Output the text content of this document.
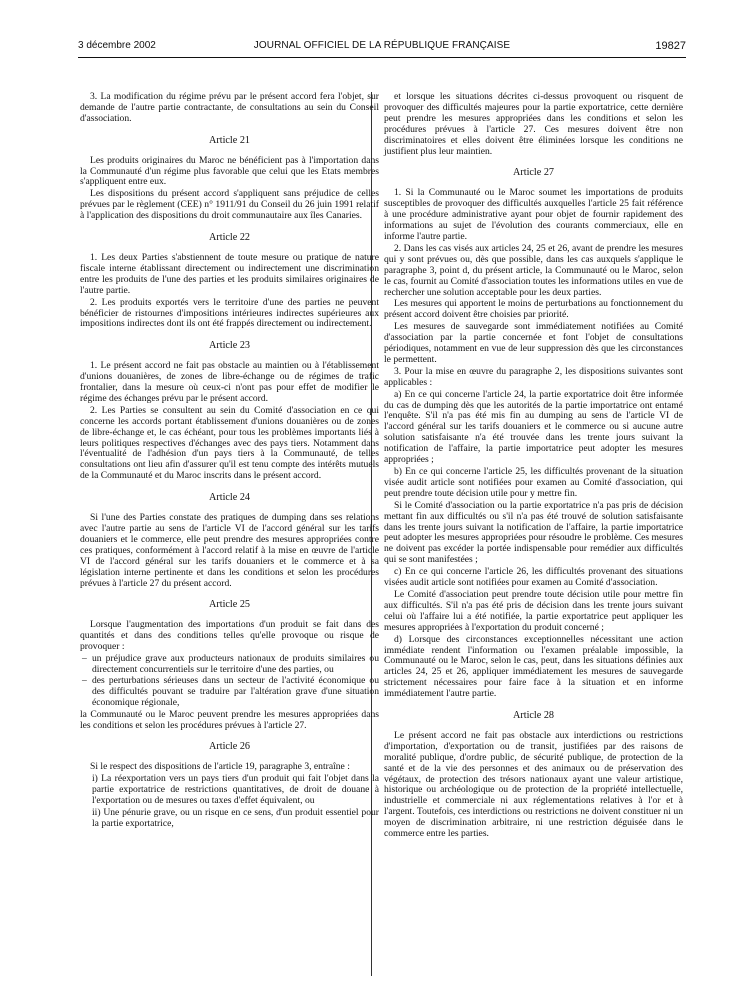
3 décembre 2002	JOURNAL OFFICIEL DE LA RÉPUBLIQUE FRANÇAISE	19827

3. La modification du régime prévu par le présent accord fera l'objet, sur demande de l'autre partie contractante, de consultations au sein du Conseil d'association.

Article 21

Les produits originaires du Maroc ne bénéficient pas à l'importation dans la Communauté d'un régime plus favorable que celui que les Etats membres s'appliquent entre eux.

Les dispositions du présent accord s'appliquent sans préjudice de celles prévues par le règlement (CEE) n° 1911/91 du Conseil du 26 juin 1991 relatif à l'application des dispositions du droit communautaire aux îles Canaries.

Article 22

1. Les deux Parties s'abstiennent de toute mesure ou pratique de nature fiscale interne établissant directement ou indirectement une discrimination entre les produits de l'une des parties et les produits similaires originaires de l'autre partie.

2. Les produits exportés vers le territoire d'une des parties ne peuvent bénéficier de ristournes d'impositions intérieures indirectes supérieures aux impositions indirectes dont ils ont été frappés directement ou indirectement.

Article 23

1. Le présent accord ne fait pas obstacle au maintien ou à l'établissement d'unions douanières, de zones de libre-échange ou de régimes de trafic frontalier, dans la mesure où ceux-ci n'ont pas pour effet de modifier le régime des échanges prévu par le présent accord.

2. Les Parties se consultent au sein du Comité d'association en ce qui concerne les accords portant établissement d'unions douanières ou de zones de libre-échange et, le cas échéant, pour tous les problèmes importants liés à leurs politiques respectives d'échanges avec des pays tiers. Notamment dans l'éventualité de l'adhésion d'un pays tiers à la Communauté, de telles consultations ont lieu afin d'assurer qu'il est tenu compte des intérêts mutuels de la Communauté et du Maroc inscrits dans le présent accord.

Article 24

Si l'une des Parties constate des pratiques de dumping dans ses relations avec l'autre partie au sens de l'article VI de l'accord général sur les tarifs douaniers et le commerce, elle peut prendre des mesures appropriées contre ces pratiques, conformément à l'accord relatif à la mise en œuvre de l'article VI de l'accord général sur les tarifs douaniers et le commerce et à sa législation interne pertinente et dans les conditions et selon les procédures prévues à l'article 27 du présent accord.

Article 25

Lorsque l'augmentation des importations d'un produit se fait dans des quantités et dans des conditions telles qu'elle provoque ou risque de provoquer :

– un préjudice grave aux producteurs nationaux de produits similaires ou directement concurrentiels sur le territoire d'une des parties, ou
– des perturbations sérieuses dans un secteur de l'activité économique ou des difficultés pouvant se traduire par l'altération grave d'une situation économique régionale,

la Communauté ou le Maroc peuvent prendre les mesures appropriées dans les conditions et selon les procédures prévues à l'article 27.

Article 26

Si le respect des dispositions de l'article 19, paragraphe 3, entraîne :

i) La réexportation vers un pays tiers d'un produit qui fait l'objet dans la partie exportatrice de restrictions quantitatives, de droit de douane à l'exportation ou de mesures ou taxes d'effet équivalent, ou

ii) Une pénurie grave, ou un risque en ce sens, d'un produit essentiel pour la partie exportatrice,

et lorsque les situations décrites ci-dessus provoquent ou risquent de provoquer des difficultés majeures pour la partie exportatrice, cette dernière peut prendre les mesures appropriées dans les conditions et selon les procédures prévues à l'article 27. Ces mesures doivent être non discriminatoires et elles doivent être éliminées lorsque les conditions ne justifient plus leur maintien.

Article 27

1. Si la Communauté ou le Maroc soumet les importations de produits susceptibles de provoquer des difficultés auxquelles l'article 25 fait référence à une procédure administrative ayant pour objet de fournir rapidement des informations au sujet de l'évolution des courants commerciaux, elle en informe l'autre partie.

2. Dans les cas visés aux articles 24, 25 et 26, avant de prendre les mesures qui y sont prévues ou, dès que possible, dans les cas auxquels s'applique le paragraphe 3, point d, du présent article, la Communauté ou le Maroc, selon le cas, fournit au Comité d'association toutes les informations utiles en vue de rechercher une solution acceptable pour les deux parties.

Les mesures qui apportent le moins de perturbations au fonctionnement du présent accord doivent être choisies par priorité.

Les mesures de sauvegarde sont immédiatement notifiées au Comité d'association par la partie concernée et font l'objet de consultations périodiques, notamment en vue de leur suppression dès que les circonstances le permettent.

3. Pour la mise en œuvre du paragraphe 2, les dispositions suivantes sont applicables :

a) En ce qui concerne l'article 24, la partie exportatrice doit être informée du cas de dumping dès que les autorités de la partie importatrice ont entamé l'enquête. S'il n'a pas été mis fin au dumping au sens de l'article VI de l'accord général sur les tarifs douaniers et le commerce ou si aucune autre solution satisfaisante n'a été trouvée dans les trente jours suivant la notification de l'affaire, la partie importatrice peut adopter les mesures appropriées ;

b) En ce qui concerne l'article 25, les difficultés provenant de la situation visée audit article sont notifiées pour examen au Comité d'association, qui peut prendre toute décision utile pour y mettre fin.

Si le Comité d'association ou la partie exportatrice n'a pas pris de décision mettant fin aux difficultés ou s'il n'a pas été trouvé de solution satisfaisante dans les trente jours suivant la notification de l'affaire, la partie importatrice peut adopter les mesures appropriées pour résoudre le problème. Ces mesures ne doivent pas excéder la portée indispensable pour remédier aux difficultés qui se sont manifestées ;

c) En ce qui concerne l'article 26, les difficultés provenant des situations visées audit article sont notifiées pour examen au Comité d'association.

Le Comité d'association peut prendre toute décision utile pour mettre fin aux difficultés. S'il n'a pas été pris de décision dans les trente jours suivant celui où l'affaire lui a été notifiée, la partie exportatrice peut appliquer les mesures appropriées à l'exportation du produit concerné ;

d) Lorsque des circonstances exceptionnelles nécessitant une action immédiate rendent l'information ou l'examen préalable impossible, la Communauté ou le Maroc, selon le cas, peut, dans les situations définies aux articles 24, 25 et 26, appliquer immédiatement les mesures de sauvegarde strictement nécessaires pour faire face à la situation et en informe immédiatement l'autre partie.

Article 28

Le présent accord ne fait pas obstacle aux interdictions ou restrictions d'importation, d'exportation ou de transit, justifiées par des raisons de moralité publique, d'ordre public, de sécurité publique, de protection de la santé et de la vie des personnes et des animaux ou de préservation des végétaux, de protection des trésors nationaux ayant une valeur artistique, historique ou archéologique ou de protection de la propriété intellectuelle, industrielle et commerciale ni aux réglementations relatives à l'or et à l'argent. Toutefois, ces interdictions ou restrictions ne doivent constituer ni un moyen de discrimination arbitraire, ni une restriction déguisée dans le commerce entre les parties.
